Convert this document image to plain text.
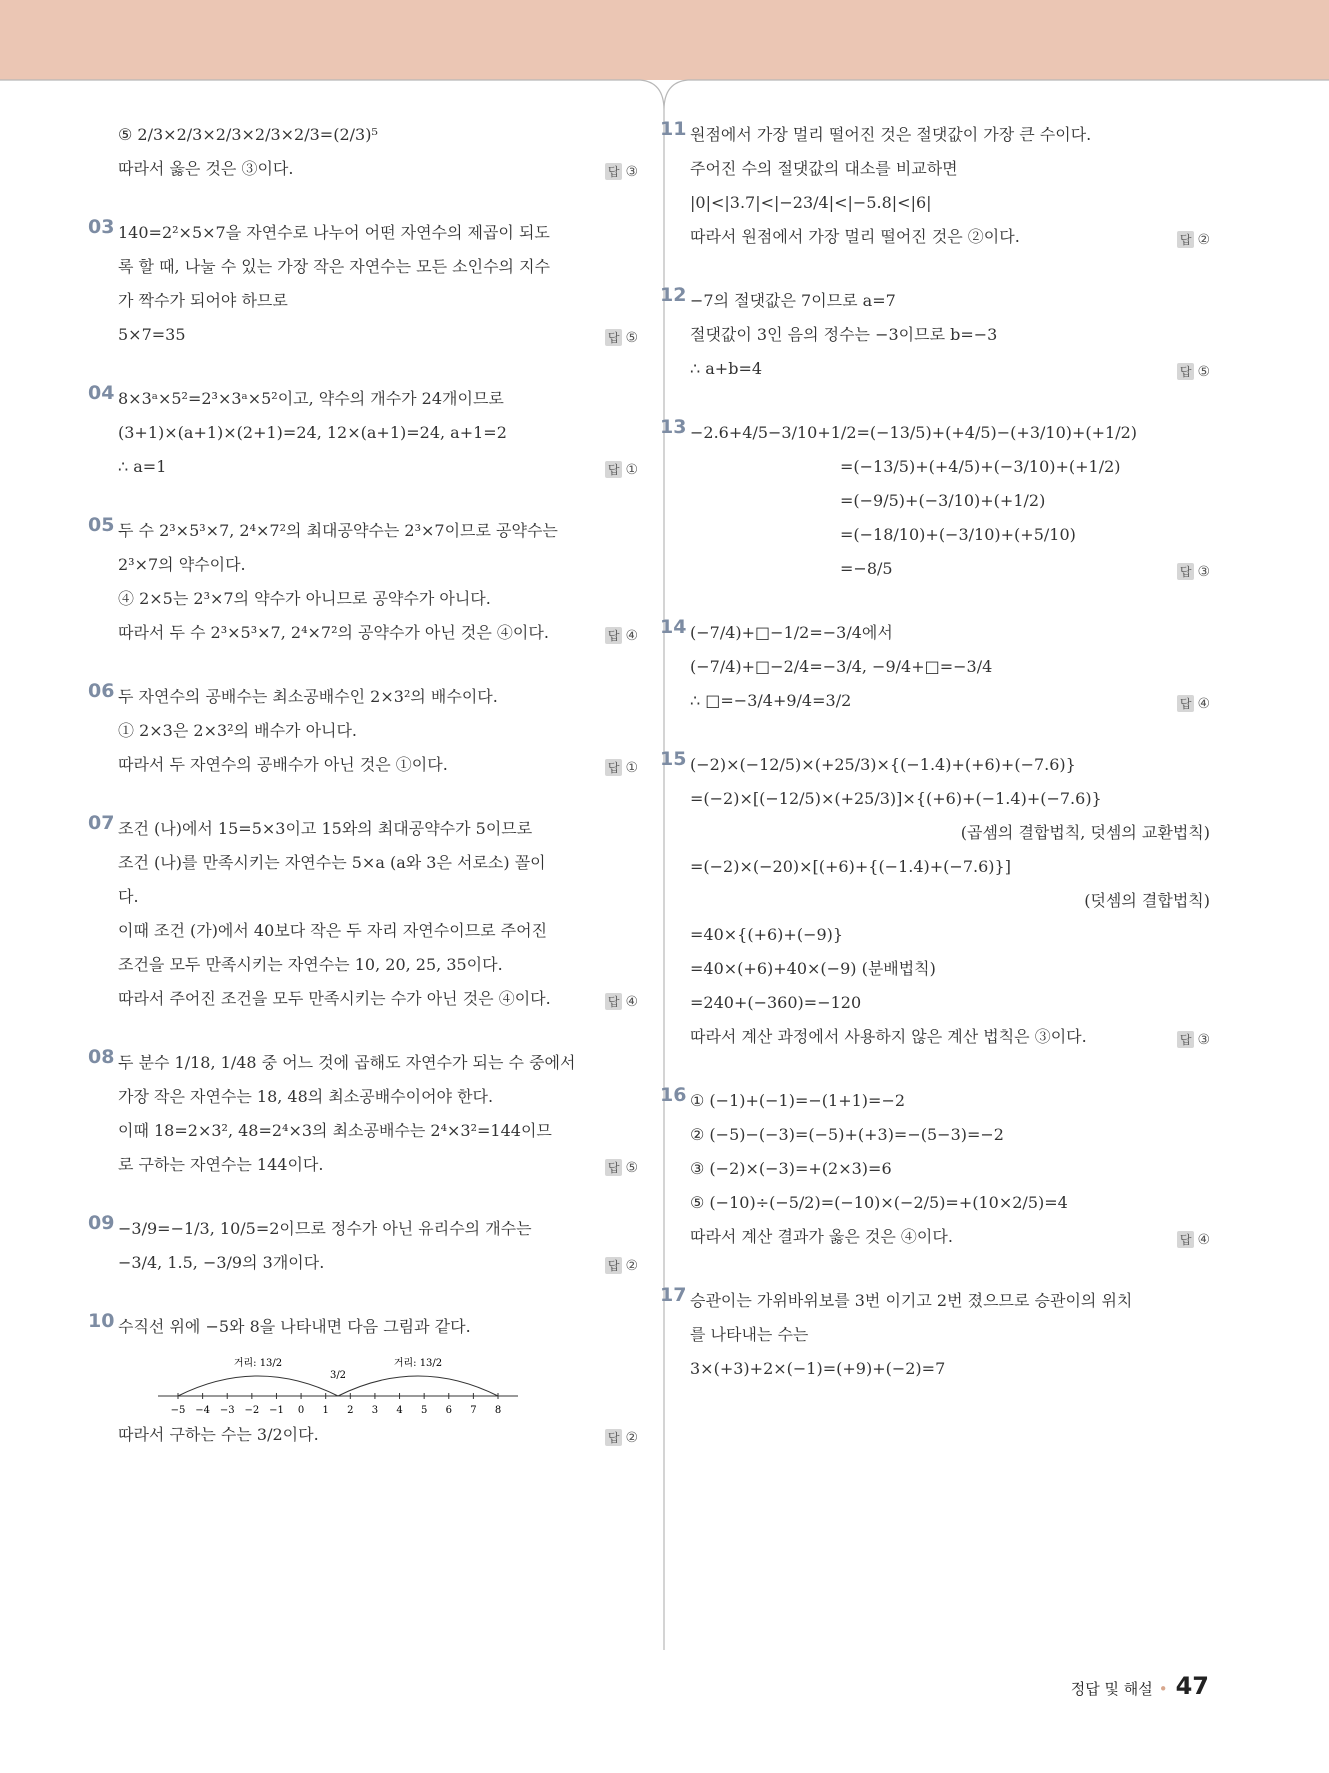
⑤ 2/3×2/3×2/3×2/3×2/3=(2/3)⁵
따라서 옳은 것은 ③이다.	답 ③
03 140=2²×5×7을 자연수로 나누어 어떤 자연수의 제곱이 되도
록 할 때, 나눌 수 있는 가장 작은 자연수는 모든 소인수의 지수
가 짝수가 되어야 하므로
5×7=35	답 ⑤
04 8×3ᵃ×5²=2³×3ᵃ×5²이고, 약수의 개수가 24개이므로
(3+1)×(a+1)×(2+1)=24, 12×(a+1)=24, a+1=2
∴ a=1	답 ①
05 두 수 2³×5³×7, 2⁴×7²의 최대공약수는 2³×7이므로 공약수는
2³×7의 약수이다.
④ 2×5는 2³×7의 약수가 아니므로 공약수가 아니다.
따라서 두 수 2³×5³×7, 2⁴×7²의 공약수가 아닌 것은 ④이다.	답 ④
06 두 자연수의 공배수는 최소공배수인 2×3²의 배수이다.
① 2×3은 2×3²의 배수가 아니다.
따라서 두 자연수의 공배수가 아닌 것은 ①이다.	답 ①
07 조건 (나)에서 15=5×3이고 15와의 최대공약수가 5이므로
조건 (나)를 만족시키는 자연수는 5×a (a와 3은 서로소) 꼴이
다.
이때 조건 (가)에서 40보다 작은 두 자리 자연수이므로 주어진
조건을 모두 만족시키는 자연수는 10, 20, 25, 35이다.
따라서 주어진 조건을 모두 만족시키는 수가 아닌 것은 ④이다.	답 ④
08 두 분수 1/18, 1/48 중 어느 것에 곱해도 자연수가 되는 수 중에서
가장 작은 자연수는 18, 48의 최소공배수이어야 한다.
이때 18=2×3², 48=2⁴×3의 최소공배수는 2⁴×3²=144이므
로 구하는 자연수는 144이다.	답 ⑤
09 −3/9=−1/3, 10/5=2이므로 정수가 아닌 유리수의 개수는
−3/4, 1.5, −3/9의 3개이다.	답 ②
10 수직선 위에 −5와 8을 나타내면 다음 그림과 같다.
−5 −4 −3 −2 −1 0 1 2 3 4 5 6 7 8
거리: 13/2
3/2
거리: 13/2
따라서 구하는 수는 3/2이다.	답 ②
11 원점에서 가장 멀리 떨어진 것은 절댓값이 가장 큰 수이다.
주어진 수의 절댓값의 대소를 비교하면
|0|<|3.7|<|−23/4|<|−5.8|<|6|
따라서 원점에서 가장 멀리 떨어진 것은 ②이다.	답 ②
12 −7의 절댓값은 7이므로 a=7
절댓값이 3인 음의 정수는 −3이므로 b=−3
∴ a+b=4	답 ⑤
13 −2.6+4/5−3/10+1/2=(−13/5)+(+4/5)−(+3/10)+(+1/2)
=(−13/5)+(+4/5)+(−3/10)+(+1/2)
=(−9/5)+(−3/10)+(+1/2)
=(−18/10)+(−3/10)+(+5/10)
=−8/5	답 ③
14 (−7/4)+□−1/2=−3/4에서
(−7/4)+□−2/4=−3/4, −9/4+□=−3/4
∴ □=−3/4+9/4=3/2	답 ④
15 (−2)×(−12/5)×(+25/3)×{(−1.4)+(+6)+(−7.6)}
=(−2)×[(−12/5)×(+25/3)]×{(+6)+(−1.4)+(−7.6)}
(곱셈의 결합법칙, 덧셈의 교환법칙)
=(−2)×(−20)×[(+6)+{(−1.4)+(−7.6)}]
(덧셈의 결합법칙)
=40×{(+6)+(−9)}
=40×(+6)+40×(−9) (분배법칙)
=240+(−360)=−120
따라서 계산 과정에서 사용하지 않은 계산 법칙은 ③이다.	답 ③
16 ① (−1)+(−1)=−(1+1)=−2
② (−5)−(−3)=(−5)+(+3)=−(5−3)=−2
③ (−2)×(−3)=+(2×3)=6
⑤ (−10)÷(−5/2)=(−10)×(−2/5)=+(10×2/5)=4
따라서 계산 결과가 옳은 것은 ④이다.	답 ④
17 승관이는 가위바위보를 3번 이기고 2번 졌으므로 승관이의 위치
를 나타내는 수는
3×(+3)+2×(−1)=(+9)+(−2)=7
정답 및 해설 • 47
